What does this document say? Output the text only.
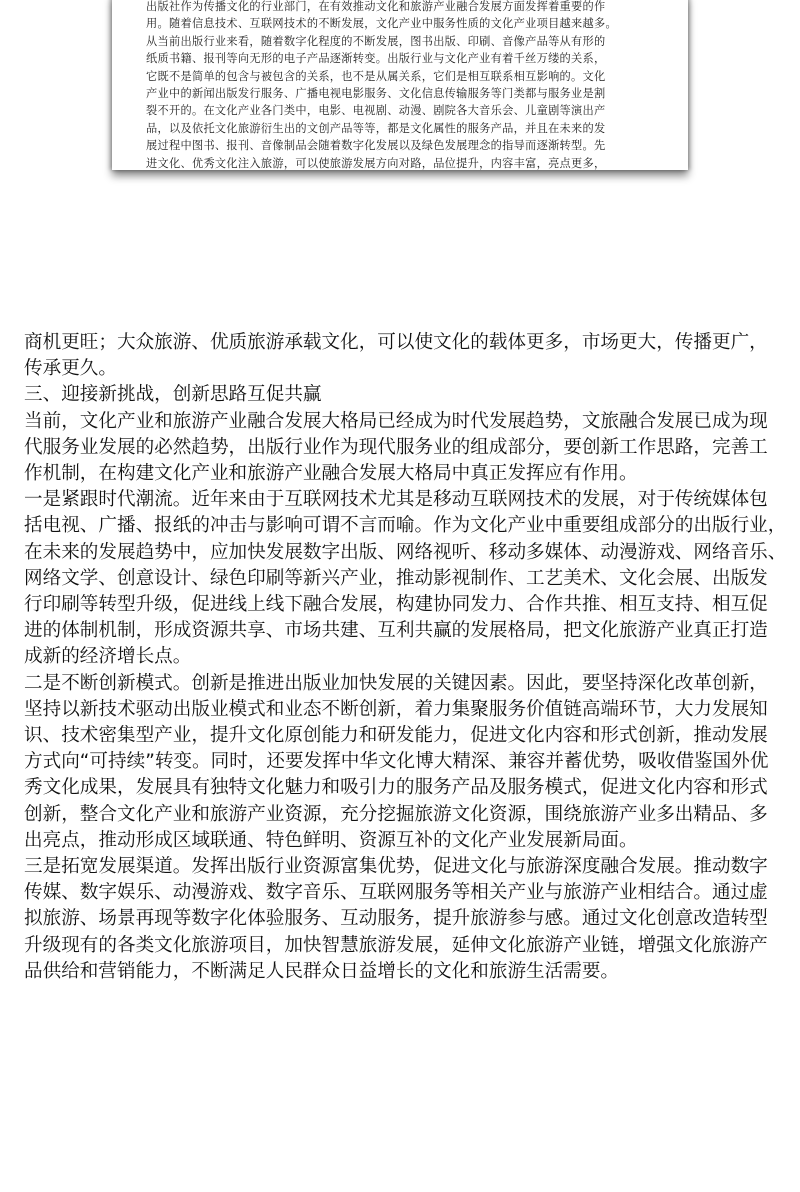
出版社作为传播文化的行业部门，在有效推动文化和旅游产业融合发展方面发挥着重要的作
用。随着信息技术、互联网技术的不断发展，文化产业中服务性质的文化产业项目越来越多。
从当前出版行业来看，随着数字化程度的不断发展，图书出版、印刷、音像产品等从有形的
纸质书籍、报刊等向无形的电子产品逐渐转变。出版行业与文化产业有着千丝万缕的关系，
它既不是简单的包含与被包含的关系，也不是从属关系，它们是相互联系相互影响的。文化
产业中的新闻出版发行服务、广播电视电影服务、文化信息传输服务等门类都与服务业是割
裂不开的。在文化产业各门类中，电影、电视剧、动漫、剧院各大音乐会、儿童剧等演出产
品，以及依托文化旅游衍生出的文创产品等等，都是文化属性的服务产品，并且在未来的发
展过程中图书、报刊、音像制品会随着数字化发展以及绿色发展理念的指导而逐渐转型。先
进文化、优秀文化注入旅游，可以使旅游发展方向对路，品位提升，内容丰富，亮点更多，
商机更旺；大众旅游、优质旅游承载文化，可以使文化的载体更多，市场更大，传播更广，
传承更久。
三、迎接新挑战，创新思路互促共赢
当前，文化产业和旅游产业融合发展大格局已经成为时代发展趋势，文旅融合发展已成为现
代服务业发展的必然趋势，出版行业作为现代服务业的组成部分，要创新工作思路，完善工
作机制，在构建文化产业和旅游产业融合发展大格局中真正发挥应有作用。
一是紧跟时代潮流。近年来由于互联网技术尤其是移动互联网技术的发展，对于传统媒体包
括电视、广播、报纸的冲击与影响可谓不言而喻。作为文化产业中重要组成部分的出版行业，
在未来的发展趋势中，应加快发展数字出版、网络视听、移动多媒体、动漫游戏、网络音乐、
网络文学、创意设计、绿色印刷等新兴产业，推动影视制作、工艺美术、文化会展、出版发
行印刷等转型升级，促进线上线下融合发展，构建协同发力、合作共推、相互支持、相互促
进的体制机制，形成资源共享、市场共建、互利共赢的发展格局，把文化旅游产业真正打造
成新的经济增长点。
二是不断创新模式。创新是推进出版业加快发展的关键因素。因此，要坚持深化改革创新，
坚持以新技术驱动出版业模式和业态不断创新，着力集聚服务价值链高端环节，大力发展知
识、技术密集型产业，提升文化原创能力和研发能力，促进文化内容和形式创新，推动发展
方式向“可持续”转变。同时，还要发挥中华文化博大精深、兼容并蓄优势，吸收借鉴国外优
秀文化成果，发展具有独特文化魅力和吸引力的服务产品及服务模式，促进文化内容和形式
创新，整合文化产业和旅游产业资源，充分挖掘旅游文化资源，围绕旅游产业多出精品、多
出亮点，推动形成区域联通、特色鲜明、资源互补的文化产业发展新局面。
三是拓宽发展渠道。发挥出版行业资源富集优势，促进文化与旅游深度融合发展。推动数字
传媒、数字娱乐、动漫游戏、数字音乐、互联网服务等相关产业与旅游产业相结合。通过虚
拟旅游、场景再现等数字化体验服务、互动服务，提升旅游参与感。通过文化创意改造转型
升级现有的各类文化旅游项目，加快智慧旅游发展，延伸文化旅游产业链，增强文化旅游产
品供给和营销能力，不断满足人民群众日益增长的文化和旅游生活需要。
